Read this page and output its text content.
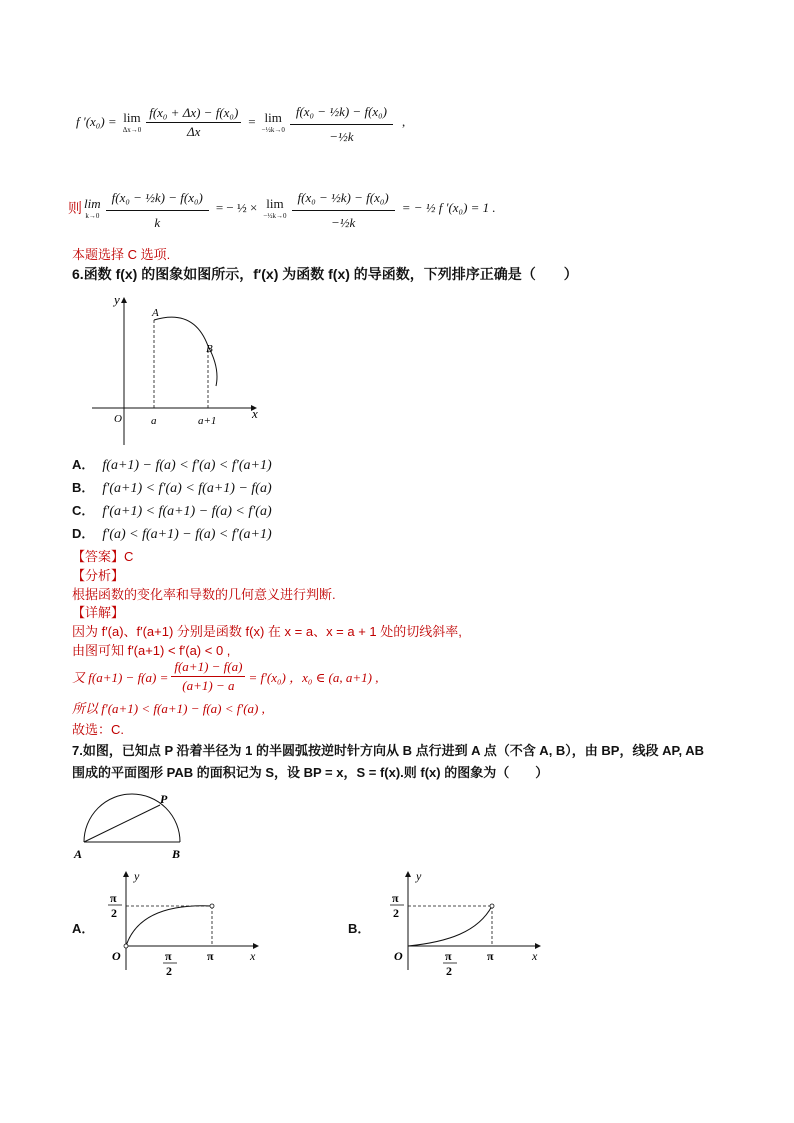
f ′(x₀) = lim
$\Delta x\to 0 \frac{\text{f(x₀ + Δx) − f(x₀)}}{\Delta x} = \lim$
−½k→0 $\frac{\text{f(x₀ − ½k) − f(x₀)}}{\text{−½k}}$ ,
则 lim
$k\to 0 \frac{\text{f(x₀ − ½k) − f(x₀)}}{k}$ = − ½ × lim
−½k→0 $\frac{\text{f(x₀ − ½k) − f(x₀)}}{\text{−½k}}$ = − ½ f ′(x₀) = 1 .
本题选择 C 选项.
6.函数 f(x) 的图象如图所示，f′(x) 为函数 f(x) 的导函数，下列排序正确是（　　）
y
x
O	a	a+1
A
B
A． f(a+1) − f(a) < f′(a) < f′(a+1)
B． f′(a+1) < f′(a) < f(a+1) − f(a)
C． f′(a+1) < f(a+1) − f(a) < f′(a)
D． f′(a) < f(a+1) − f(a) < f′(a+1)
【答案】C
【分析】
根据函数的变化率和导数的几何意义进行判断.
【详解】
因为 f′(a)、f′(a+1) 分别是函数 f(x) 在 x = a、x = a + 1 处的切线斜率,
由图可知 f′(a+1) < f′(a) < 0 ,
又 $f(a+1) - f(a) = \frac{f(a+1) - f(a)}{(a+1) - a} = f'(x_0)$ ，x₀ ∈ (a, a+1) ,
所以 f′(a+1) < f(a+1) − f(a) < f′(a) ,
故选：C.
7.如图，已知点 P 沿着半径为 1 的半圆弧按逆时针方向从 B 点行进到 A 点（不含 A, B），由 BP，线段 AP, AB
围成的平面图形 PAB 的面积记为 S，设 BP = x，S = f(x).则 f(x) 的图象为（　　）
P
A	B
A．
y
x
O
π
2
π
2
π
B．
y
x
O
π
2
π
2
π
